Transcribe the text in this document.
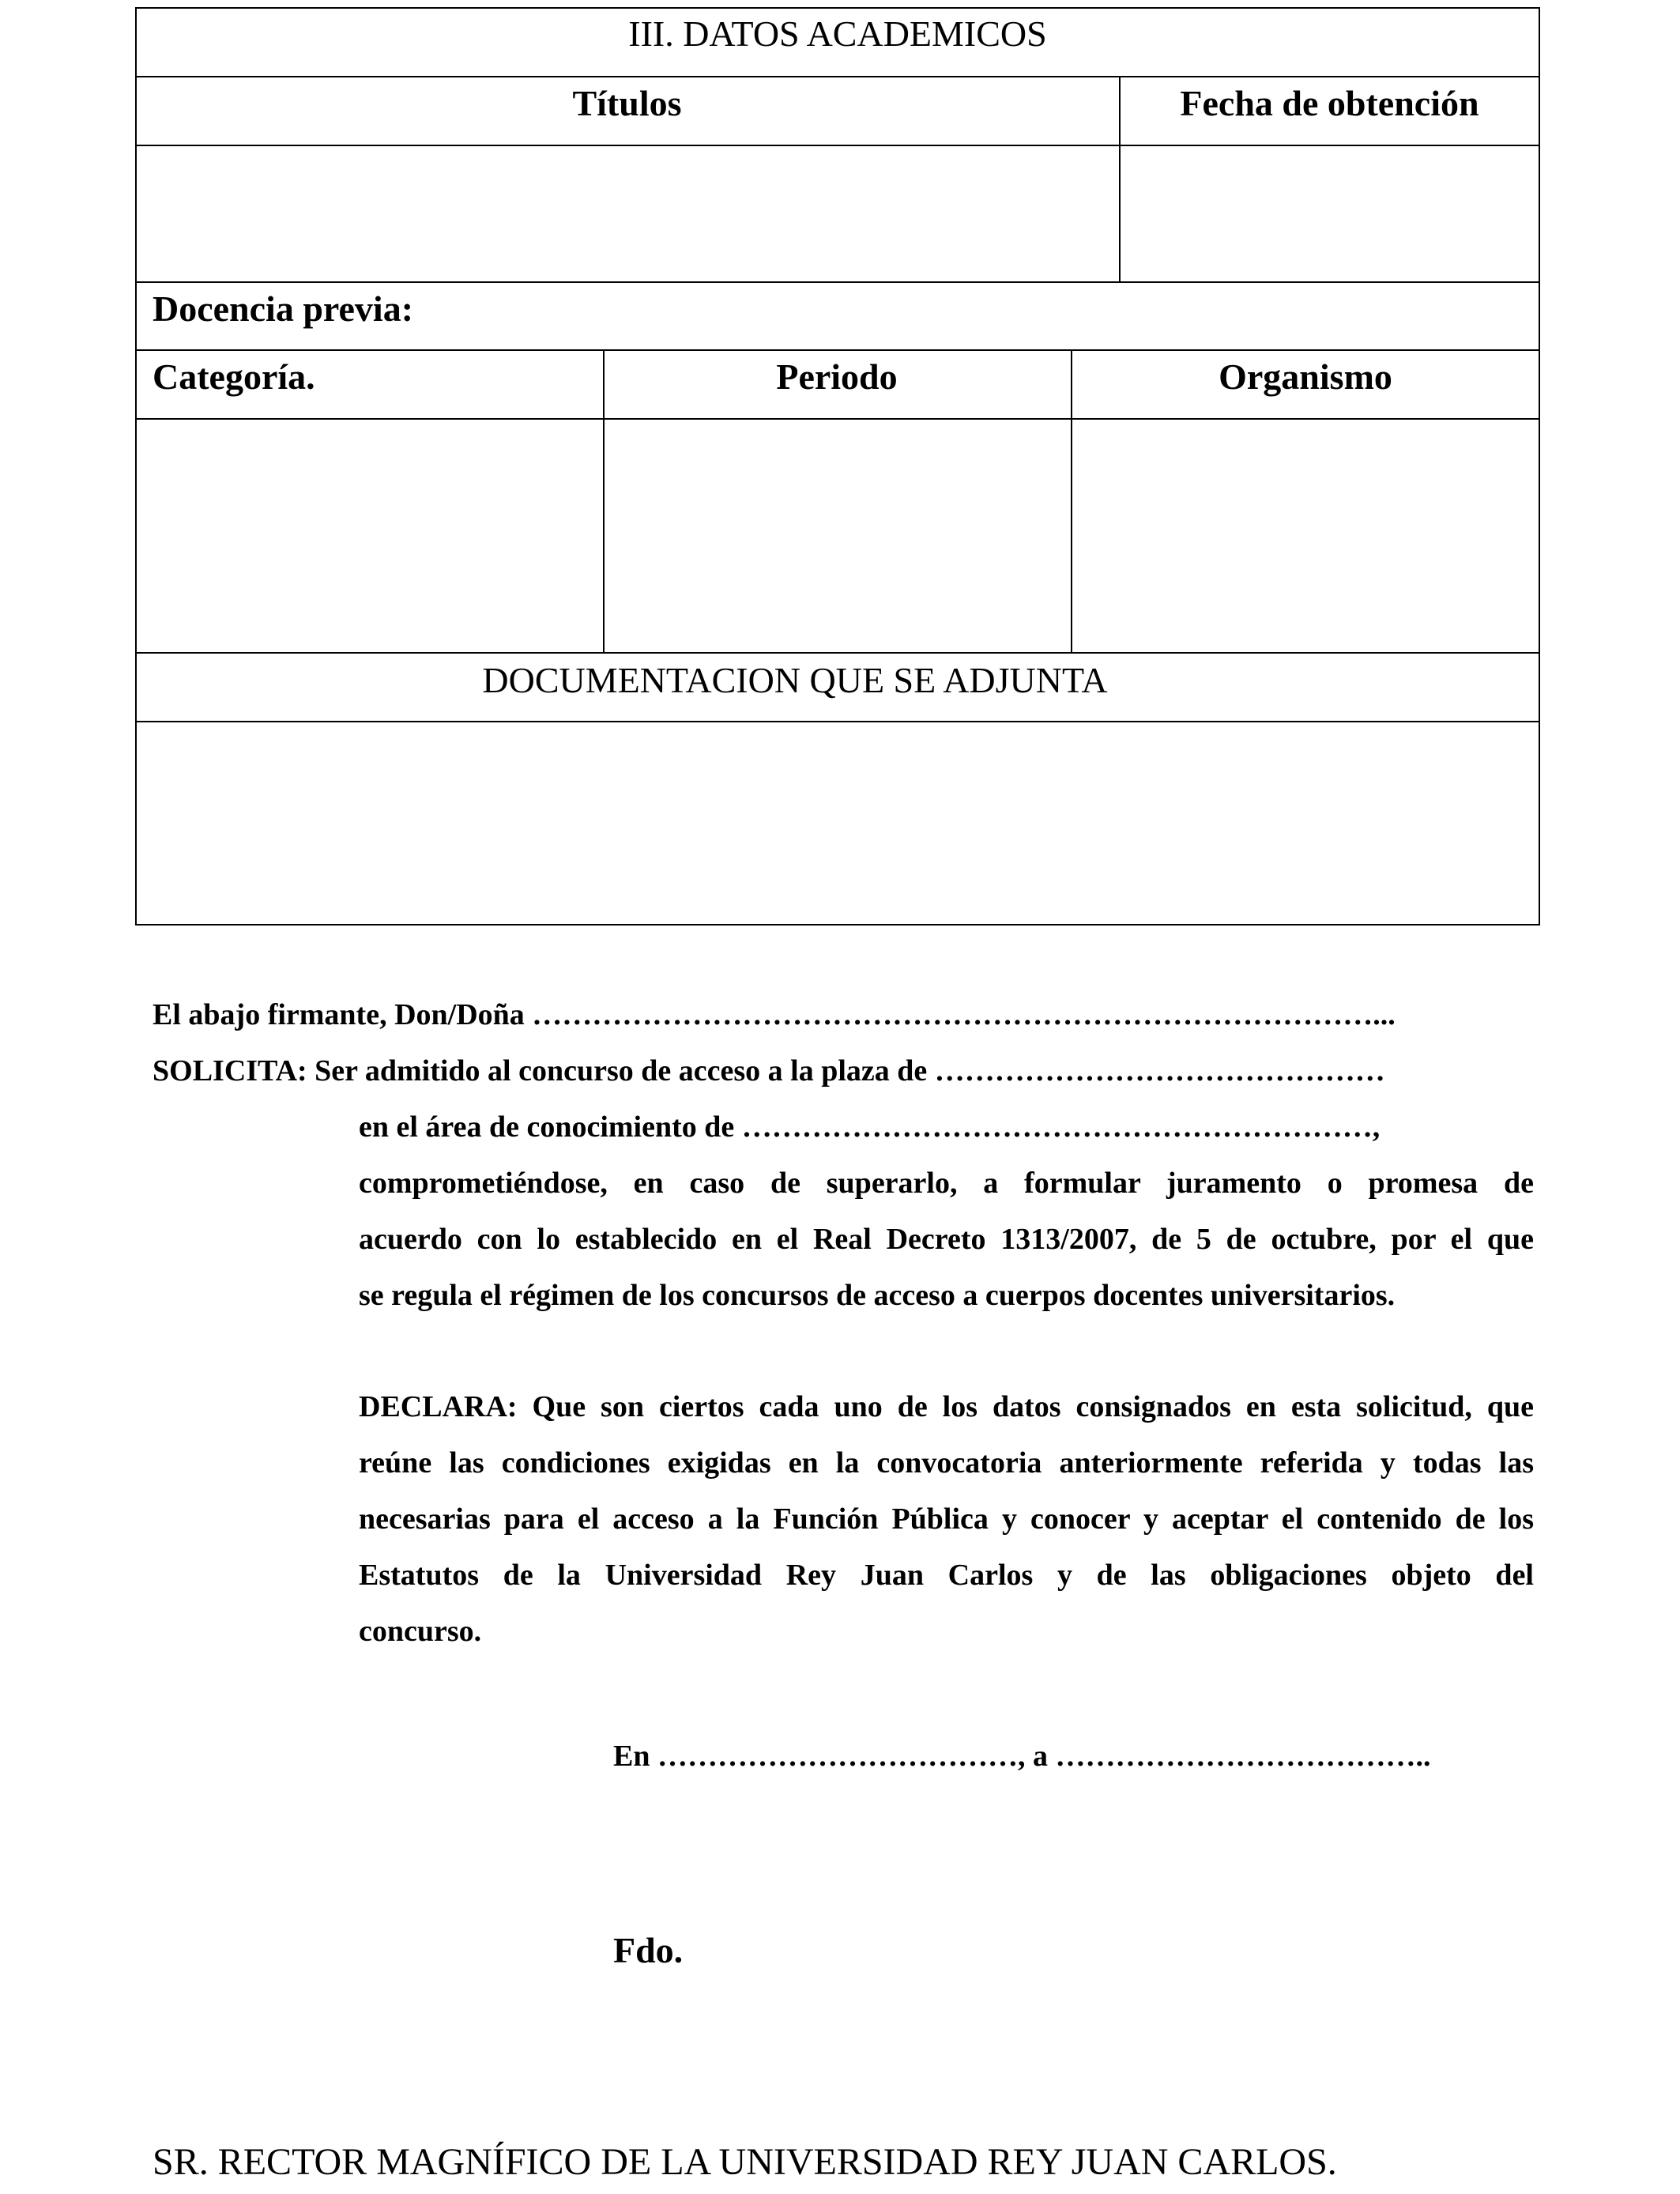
III. DATOS ACADEMICOS
Títulos	Fecha de obtención
Docencia previa:
Categoría.	Periodo	Organismo
DOCUMENTACION QUE SE ADJUNTA
El abajo firmante, Don/Doña …………………………………………………………………………...
SOLICITA: Ser admitido al concurso de acceso a la plaza de ………………………………………
en el área de conocimiento de ………………………………………………………,
comprometiéndose, en caso de superarlo, a formular juramento o promesa de
acuerdo con lo establecido en el Real Decreto 1313/2007, de 5 de octubre, por el que
se regula el régimen de los concursos de acceso a cuerpos docentes universitarios.
DECLARA: Que son ciertos cada uno de los datos consignados en esta solicitud, que
reúne las condiciones exigidas en la convocatoria anteriormente referida y todas las
necesarias para el acceso a la Función Pública y conocer y aceptar el contenido de los
Estatutos de la Universidad Rey Juan Carlos y de las obligaciones objeto del
concurso.
En ………………………………, a ………………………………..
Fdo.
SR. RECTOR MAGNÍFICO DE LA UNIVERSIDAD REY JUAN CARLOS.
